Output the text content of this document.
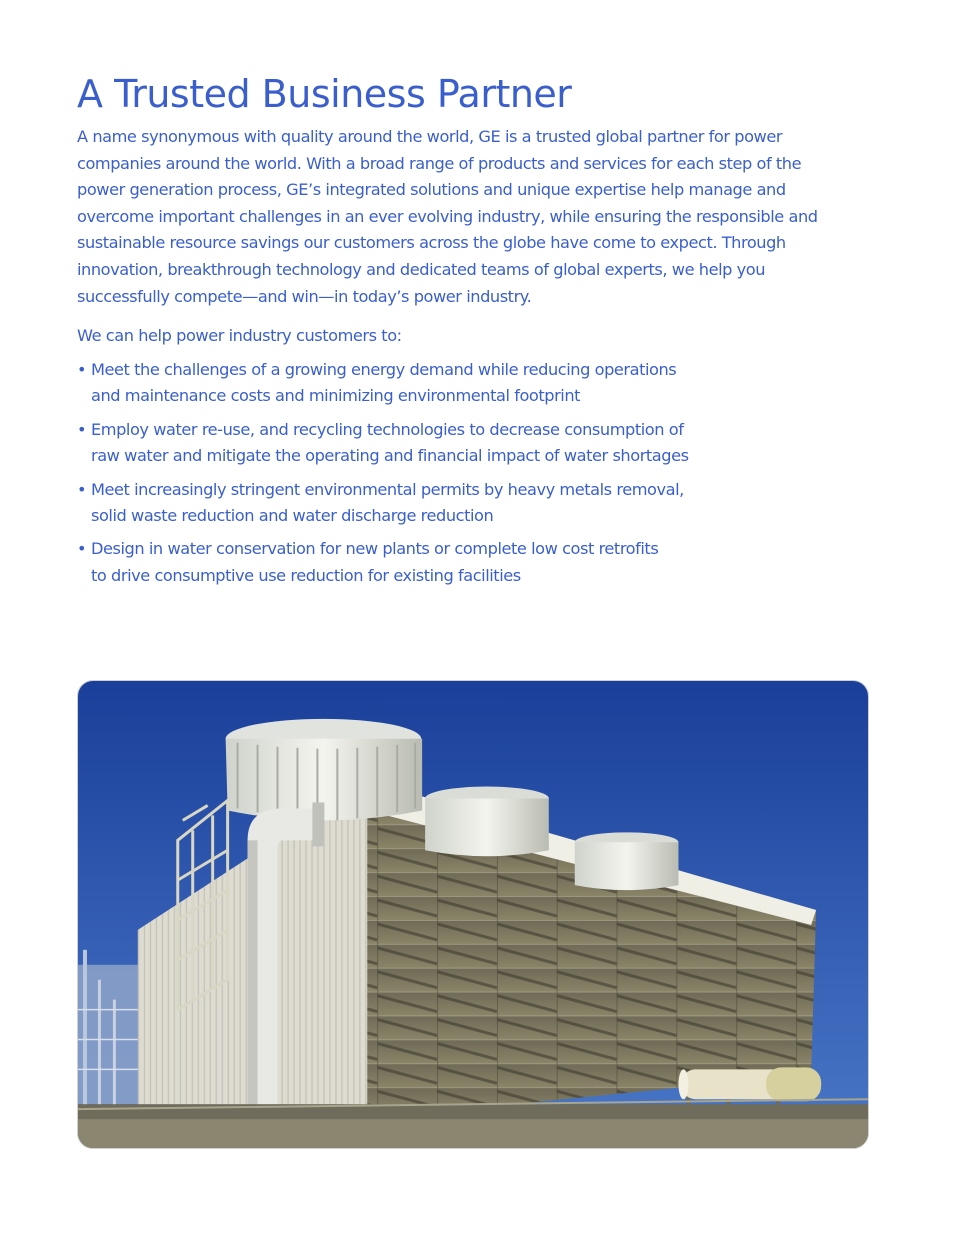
A Trusted Business Partner

A name synonymous with quality around the world, GE is a trusted global partner for power
companies around the world. With a broad range of products and services for each step of the
power generation process, GE’s integrated solutions and unique expertise help manage and
overcome important challenges in an ever evolving industry, while ensuring the responsible and
sustainable resource savings our customers across the globe have come to expect. Through
innovation, breakthrough technology and dedicated teams of global experts, we help you
successfully compete—and win—in today’s power industry.

We can help power industry customers to:

• Meet the challenges of a growing energy demand while reducing operations
and maintenance costs and minimizing environmental footprint
• Employ water re-use, and recycling technologies to decrease consumption of
raw water and mitigate the operating and financial impact of water shortages
• Meet increasingly stringent environmental permits by heavy metals removal,
solid waste reduction and water discharge reduction
• Design in water conservation for new plants or complete low cost retrofits
to drive consumptive use reduction for existing facilities
